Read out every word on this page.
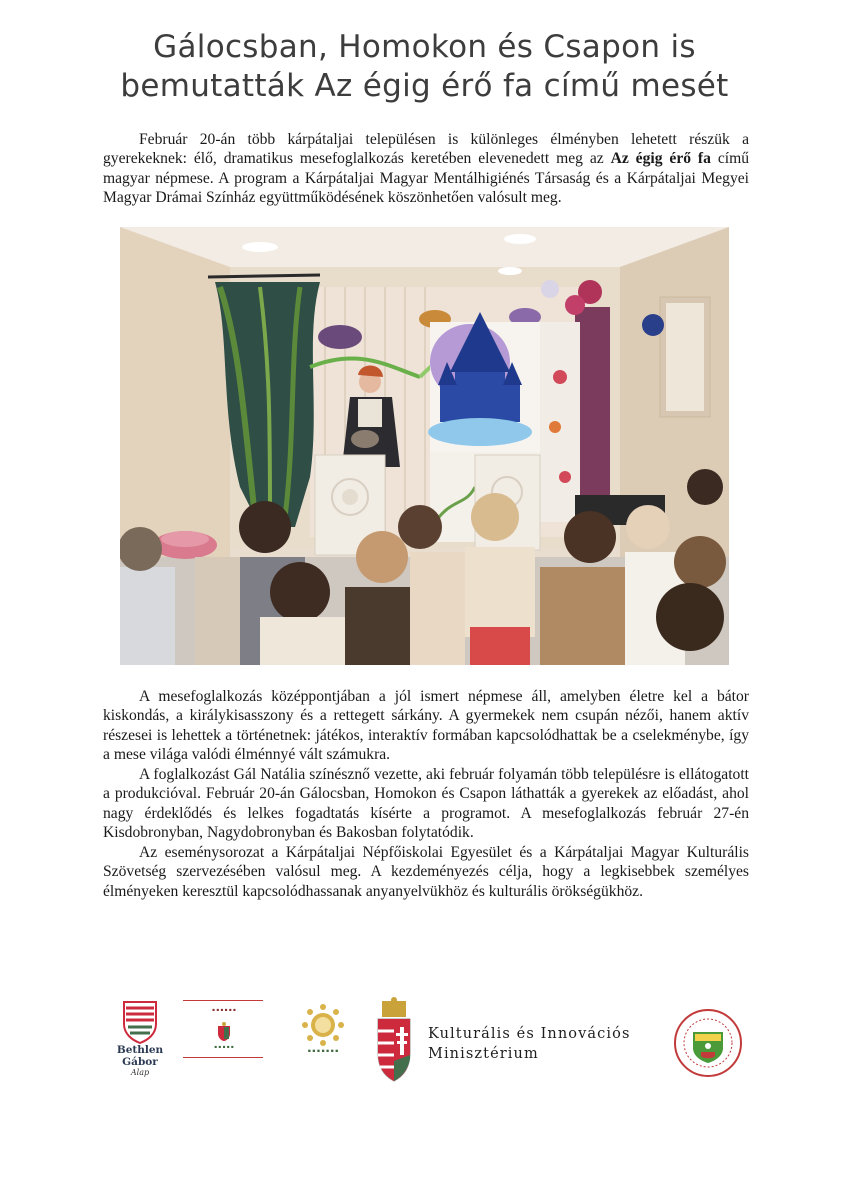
Gálocsban, Homokon és Csapon is
bemutatták Az égig érő fa című mesét

Február 20-án több kárpátaljai településen is különleges élményben lehetett részük a gyerekeknek: élő, dramatikus mesefoglalkozás keretében elevenedett meg az Az égig érő fa című magyar népmese. A program a Kárpátaljai Magyar Mentálhigiénés Társaság és a Kárpátaljai Megyei Magyar Drámai Színház együttműködésének köszönhetően valósult meg.

A mesefoglalkozás középpontjában a jól ismert népmese áll, amelyben életre kel a bátor kiskondás, a királykisasszony és a rettegett sárkány. A gyermekek nem csupán nézői, hanem aktív részesei is lehettek a történetnek: játékos, interaktív formában kapcsolódhattak be a cselekménybe, így a mese világa valódi élménnyé vált számukra.

A foglalkozást Gál Natália színésznő vezette, aki február folyamán több településre is ellátogatott a produkcióval. Február 20-án Gálocsban, Homokon és Csapon láthatták a gyerekek az előadást, ahol nagy érdeklődés és lelkes fogadtatás kísérte a programot. A mesefoglalkozás február 27-én Kisdobronyban, Nagydobronyban és Bakosban folytatódik.

Az eseménysorozat a Kárpátaljai Népfőiskolai Egyesület és a Kárpátaljai Magyar Kulturális Szövetség szervezésében valósul meg. A kezdeményezés célja, hogy a legkisebbek személyes élményeken keresztül kapcsolódhassanak anyanyelvükhöz és kulturális örökségükhöz.

Bethlen Gábor
Alap
▪ ▪ ▪ ▪ ▪ ▪
▪ ▪ ▪ ▪ ▪
▪ ▪ ▪ ▪ ▪ ▪ ▪
Kulturális és Innovációs
Minisztérium
